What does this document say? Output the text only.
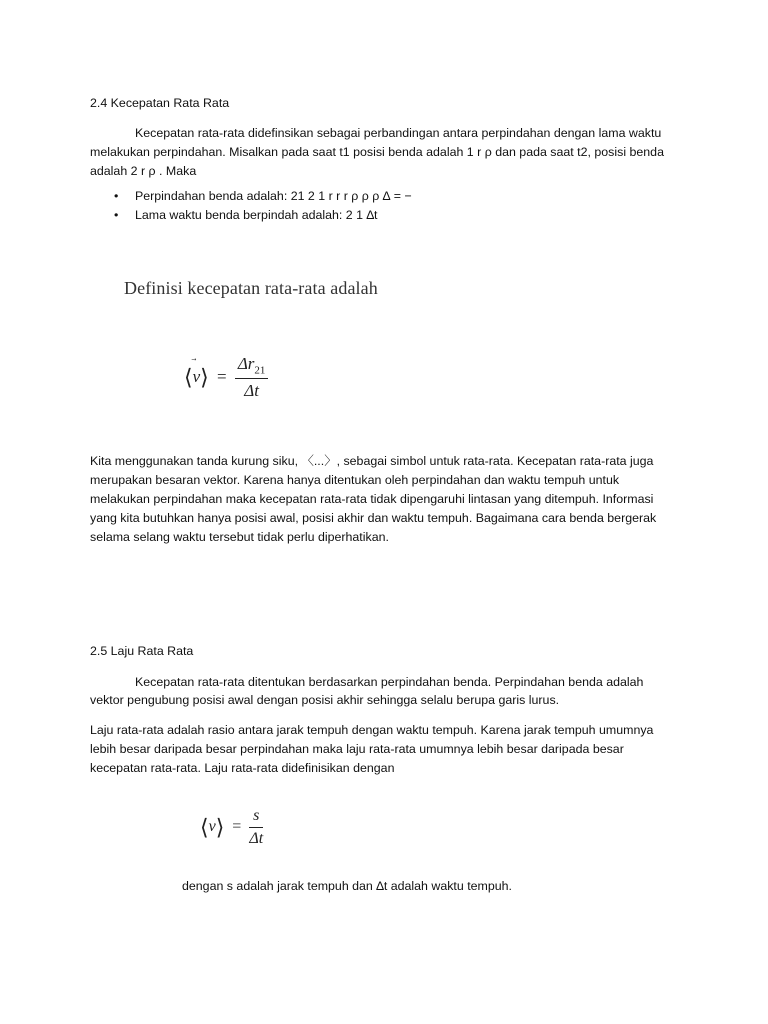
2.4 Kecepatan Rata Rata

Kecepatan rata-rata didefinsikan sebagai perbandingan antara perpindahan dengan lama waktu

melakukan perpindahan. Misalkan pada saat t1 posisi benda adalah 1 r ρ dan pada saat t2, posisi benda

adalah 2 r ρ . Maka

• Perpindahan benda adalah: 21 2 1 r r r ρ ρ ρ ∆ = −
• Lama waktu benda berpindah adalah: 2 1 ∆t
Definisi kecepatan rata-rata adalah
⟨
v⟩ = $\frac{\Delta r_{21}}{\Delta t}$

Kita menggunakan tanda kurung siku, 〈...〉, sebagai simbol untuk rata-rata. Kecepatan rata-rata juga

merupakan besaran vektor. Karena hanya ditentukan oleh perpindahan dan waktu tempuh untuk

melakukan perpindahan maka kecepatan rata-rata tidak dipengaruhi lintasan yang ditempuh. Informasi

yang kita butuhkan hanya posisi awal, posisi akhir dan waktu tempuh. Bagaimana cara benda bergerak

selama selang waktu tersebut tidak perlu diperhatikan.

2.5 Laju Rata Rata

Kecepatan rata-rata ditentukan berdasarkan perpindahan benda. Perpindahan benda adalah

vektor pengubung posisi awal dengan posisi akhir sehingga selalu berupa garis lurus.

Laju rata-rata adalah rasio antara jarak tempuh dengan waktu tempuh. Karena jarak tempuh umumnya

lebih besar daripada besar perpindahan maka laju rata-rata umumnya lebih besar daripada besar

kecepatan rata-rata. Laju rata-rata didefinisikan dengan

⟨v⟩ = $\frac{s}{\Delta t}$

dengan s adalah jarak tempuh dan ∆t adalah waktu tempuh.
